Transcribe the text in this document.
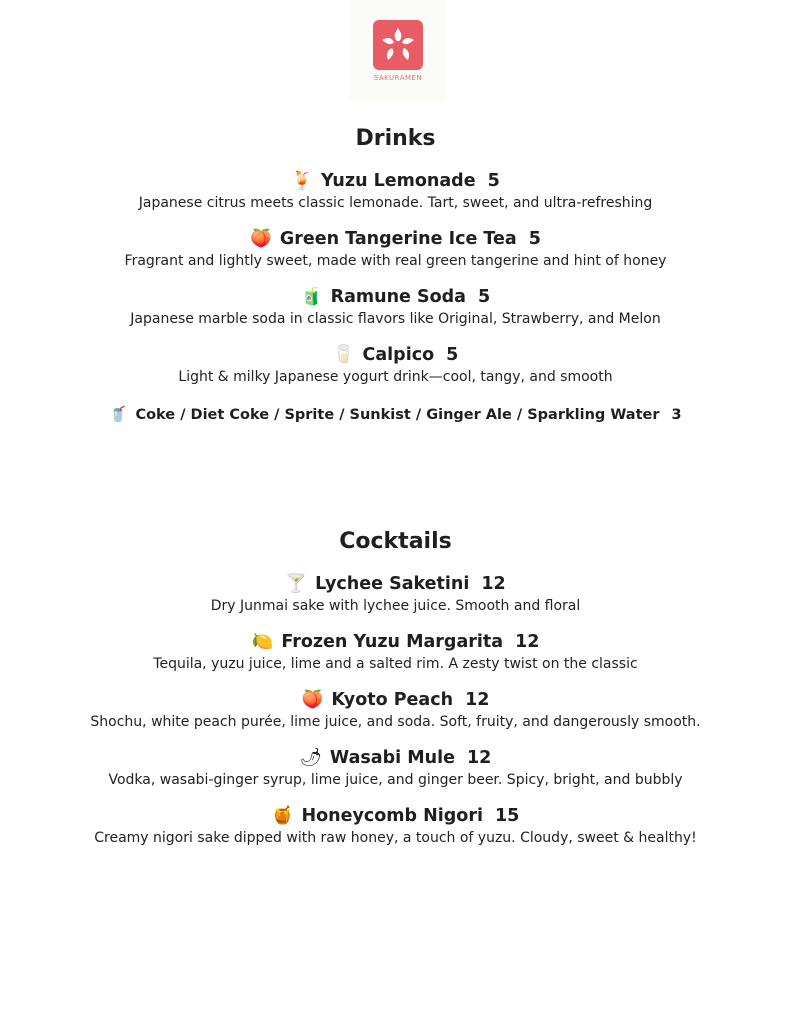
SAKURAMEN
Drinks
🍹 Yuzu Lemonade 5
Japanese citrus meets classic lemonade. Tart, sweet, and ultra-refreshing
🍑 Green Tangerine Ice Tea 5
Fragrant and lightly sweet, made with real green tangerine and hint of honey
🧃 Ramune Soda 5
Japanese marble soda in classic flavors like Original, Strawberry, and Melon
🥛 Calpico 5
Light & milky Japanese yogurt drink—cool, tangy, and smooth
🥤 Coke / Diet Coke / Sprite / Sunkist / Ginger Ale / Sparkling Water 3
Cocktails
🍸 Lychee Saketini 12
Dry Junmai sake with lychee juice. Smooth and floral
🍋 Frozen Yuzu Margarita 12
Tequila, yuzu juice, lime and a salted rim. A zesty twist on the classic
🍑 Kyoto Peach 12
Shochu, white peach purée, lime juice, and soda. Soft, fruity, and dangerously smooth.
🌶 Wasabi Mule 12
Vodka, wasabi-ginger syrup, lime juice, and ginger beer. Spicy, bright, and bubbly
🍯 Honeycomb Nigori 15
Creamy nigori sake dipped with raw honey, a touch of yuzu. Cloudy, sweet & healthy!
